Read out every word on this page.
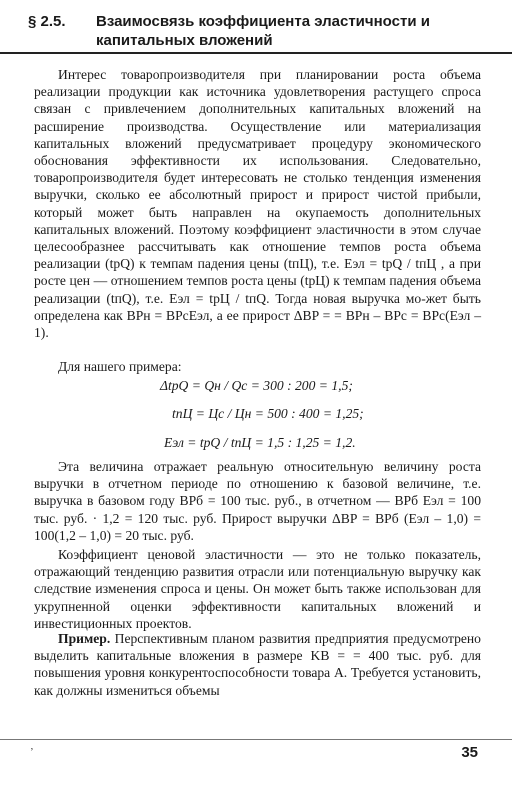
§ 2.5.	Взаимосвязь коэффициента эластичности и капитальных вложений

Интерес товаропроизводителя при планировании роста объема реализации продукции как источника удовлетворения растущего спроса связан с привлечением дополнительных капитальных вложений на расширение производства. Осуществление или материализация капитальных вложений предусматривает процедуру экономического обоснования эффективности их использования. Следовательно, товаропроизводителя будет интересовать не столько тенденция изменения выручки, сколько ее абсолютный прирост и прирост чистой прибыли, который может быть направлен на окупаемость дополнительных капитальных вложений. Поэтому коэффициент эластичности в этом случае целесообразнее рассчитывать как отношение темпов роста объема реализации (tpQ) к темпам падения цены (tпЦ), т.е. Eэл = tpQ / tпЦ , а при росте цен — отношением темпов роста цены (tpЦ) к темпам падения объема реализации (tпQ), т.е. Eэл = tpЦ / tпQ. Тогда новая выручка мо-жет быть определена как BPн = BPсEэл, а ее прирост ΔBP = = BPн – BPс = BPс(Eэл – 1).

Для нашего примера:

ΔtpQ = Qн / Qс = 300 : 200 = 1,5;
tпЦ = Цс / Цн = 500 : 400 = 1,25;
Eэл = tpQ / tпЦ = 1,5 : 1,25 = 1,2.

Эта величина отражает реальную относительную величину роста выручки в отчетном периоде по отношению к базовой величине, т.е. выручка в базовом году BPб = 100 тыс. руб., в отчетном — BPб Eэл = 100 тыс. руб. · 1,2 = 120 тыс. руб. Прирост выручки ΔBP = BPб (Eэл – 1,0) = 100(1,2 – 1,0) = 20 тыс. руб.

Коэффициент ценовой эластичности — это не только показатель, отражающий тенденцию развития отрасли или потенциальную выручку как следствие изменения спроса и цены. Он может быть также использован для укрупненной оценки эффективности капитальных вложений и инвестиционных проектов.

Пример. Перспективным планом развития предприятия предусмотрено выделить капитальные вложения в размере KB = = 400 тыс. руб. для повышения уровня конкурентоспособности товара А. Требуется установить, как должны измениться объемы

’	35
